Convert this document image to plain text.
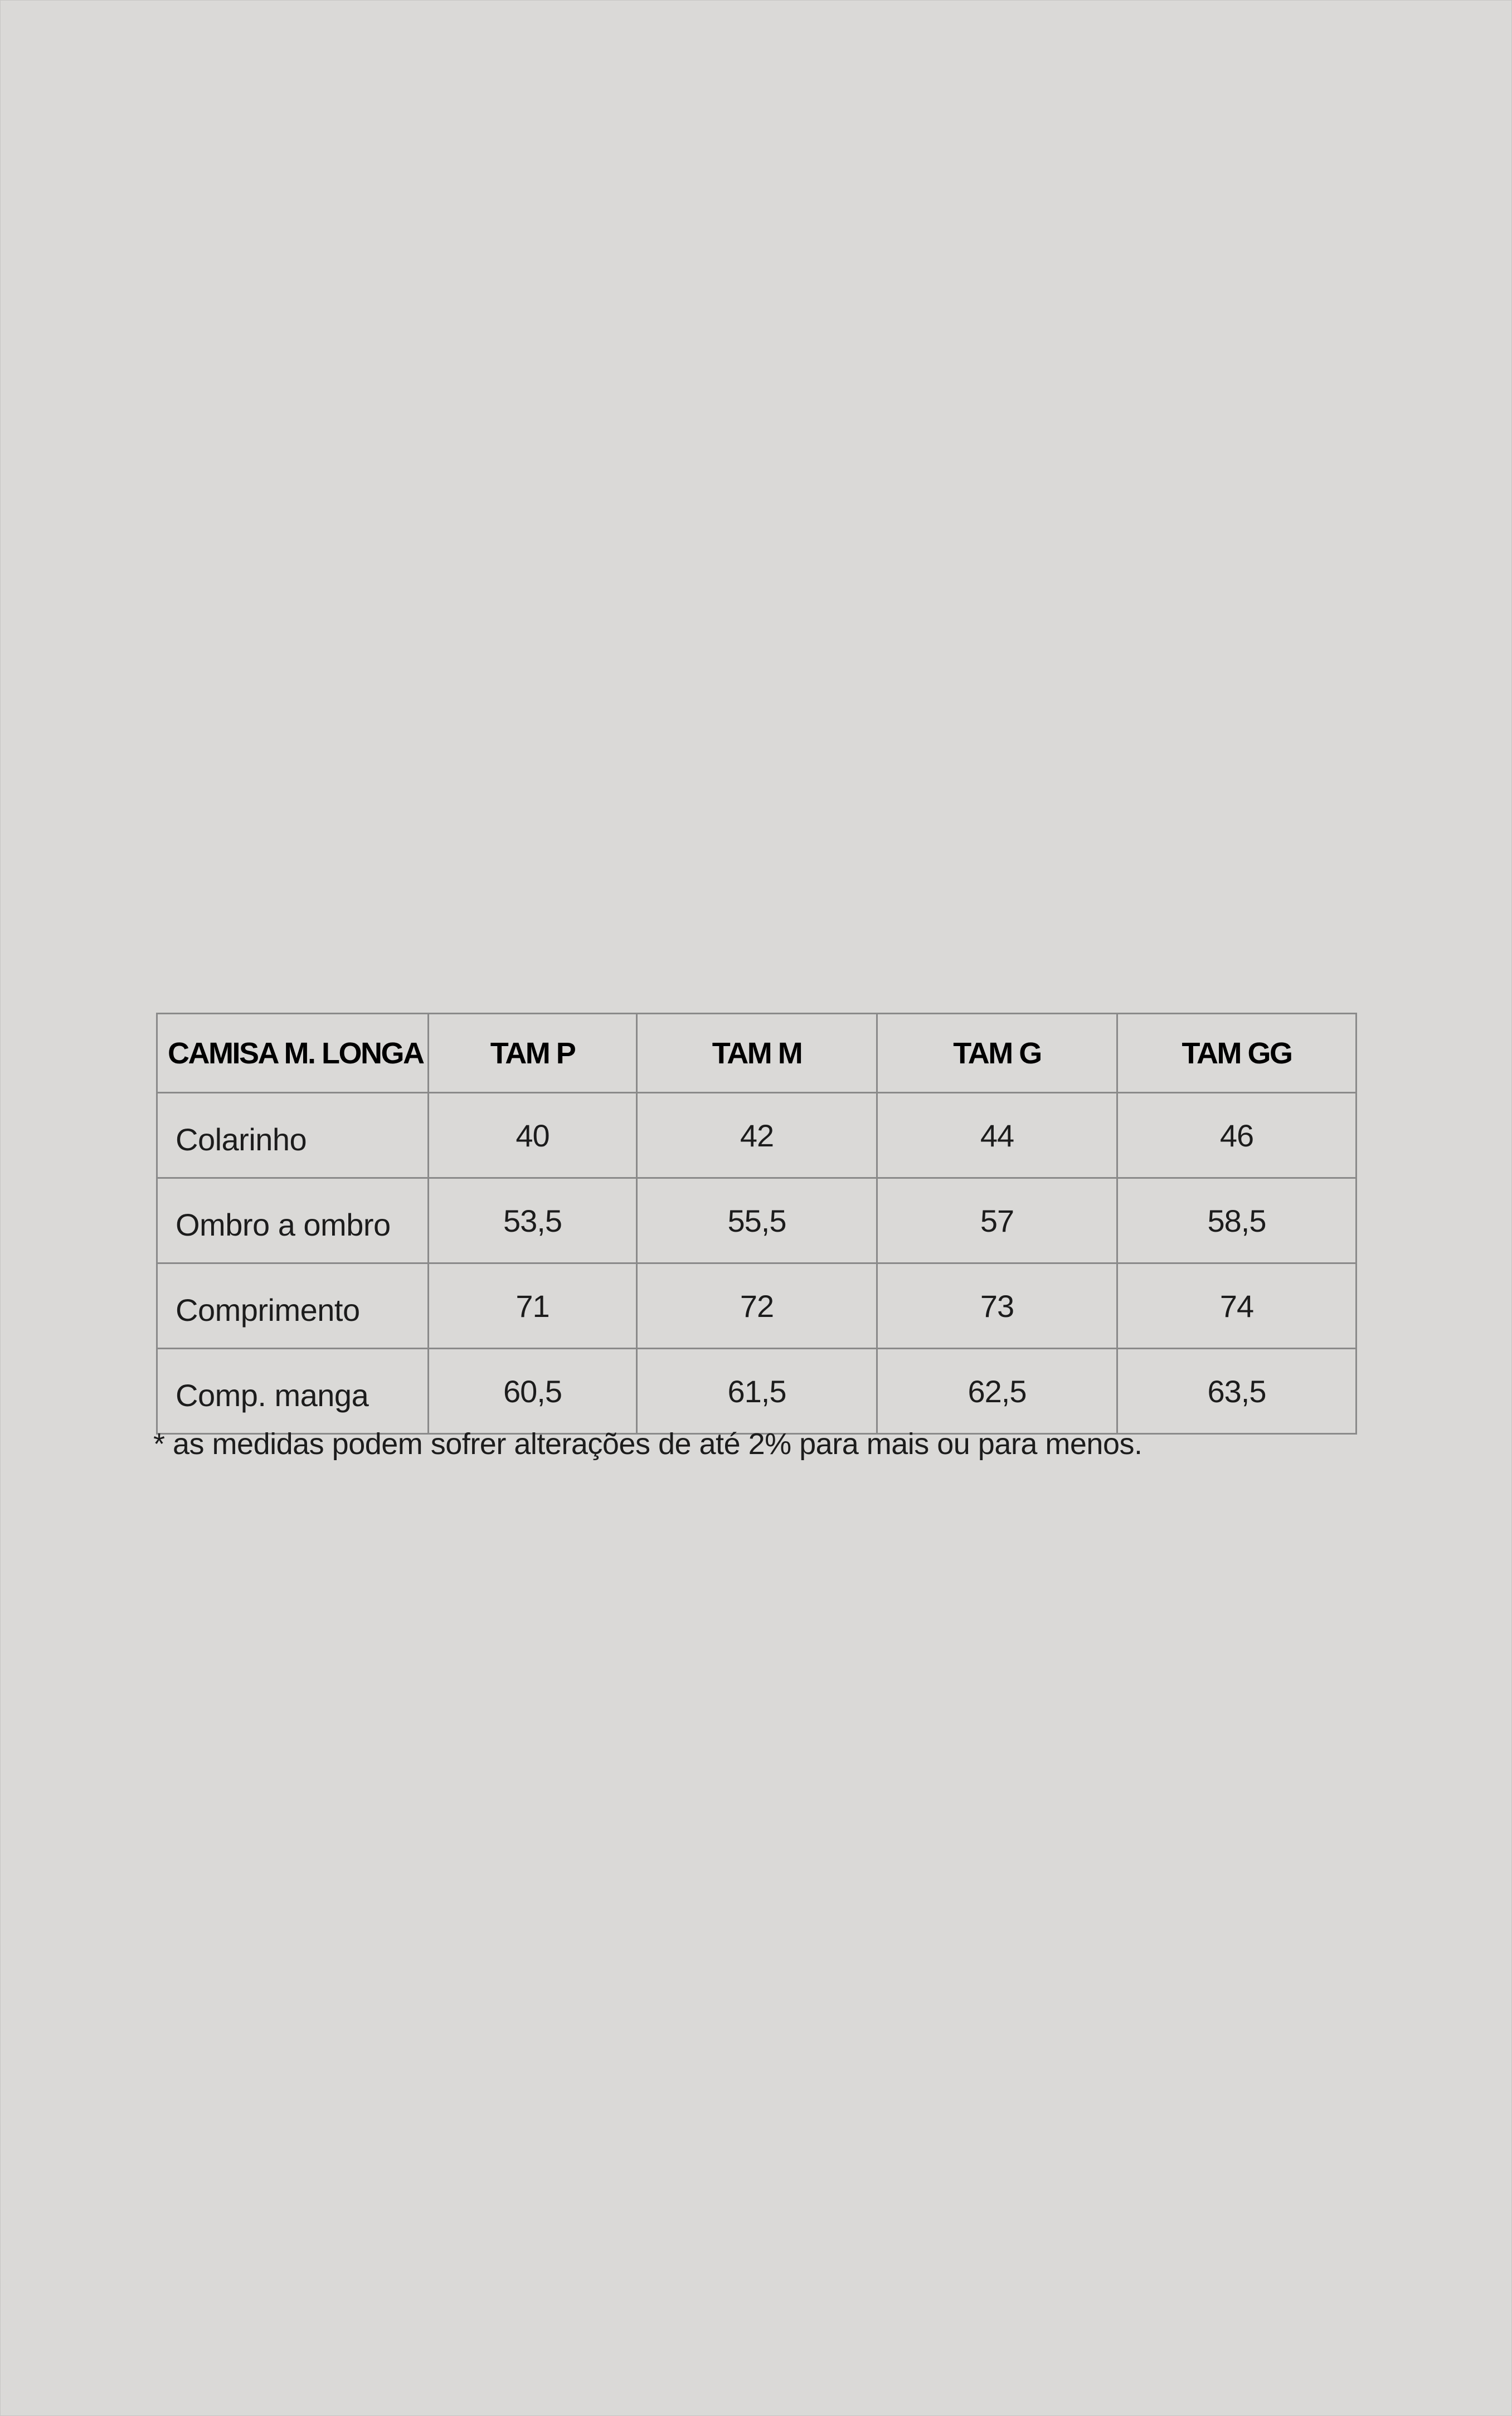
CAMISA M. LONGA	TAM P	TAM M	TAM G	TAM GG
Colarinho	40	42	44	46
Ombro a ombro	53,5	55,5	57	58,5
Comprimento	71	72	73	74
Comp. manga	60,5	61,5	62,5	63,5
* as medidas podem sofrer alterações de até 2% para mais ou para menos.
